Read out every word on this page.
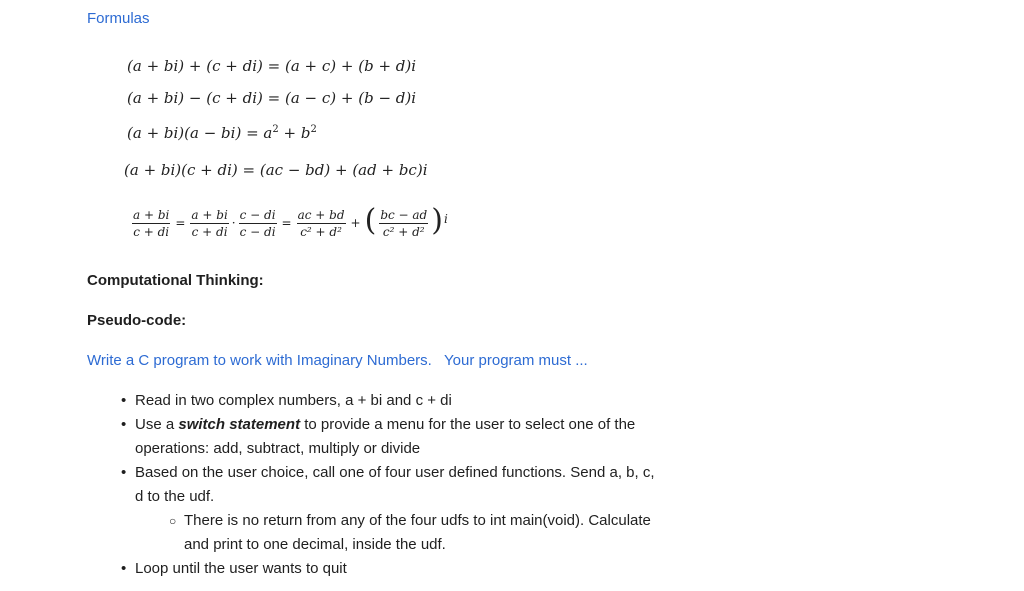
Formulas
(a + bi) + (c + di) = (a + c) + (b + d)i
(a + bi) − (c + di) = (a − c) + (b − d)i
$(a + bi)(a - bi) = a^2 + b^2$
(a + bi)(c + di) = (ac − bd) + (ad + bc)i
$\frac{a + bi}{c + di} = \frac{a + bi}{c + di} \cdot \frac{c - di}{c - di} = \frac{ac + bd}{\text{c² + d²}}$ + ( $\frac{bc - ad}{\text{c² + d²}}$ ) i
Computational Thinking:
Pseudo-code:
Write a C program to work with Imaginary Numbers.   Your program must ...
• Read in two complex numbers, a + bi and c + di
• Use a switch statement to provide a menu for the user to select one of the
operations: add, subtract, multiply or divide
• Based on the user choice, call one of four user defined functions. Send a, b, c,
d to the udf.
○ There is no return from any of the four udfs to int main(void). Calculate
and print to one decimal, inside the udf.
• Loop until the user wants to quit
